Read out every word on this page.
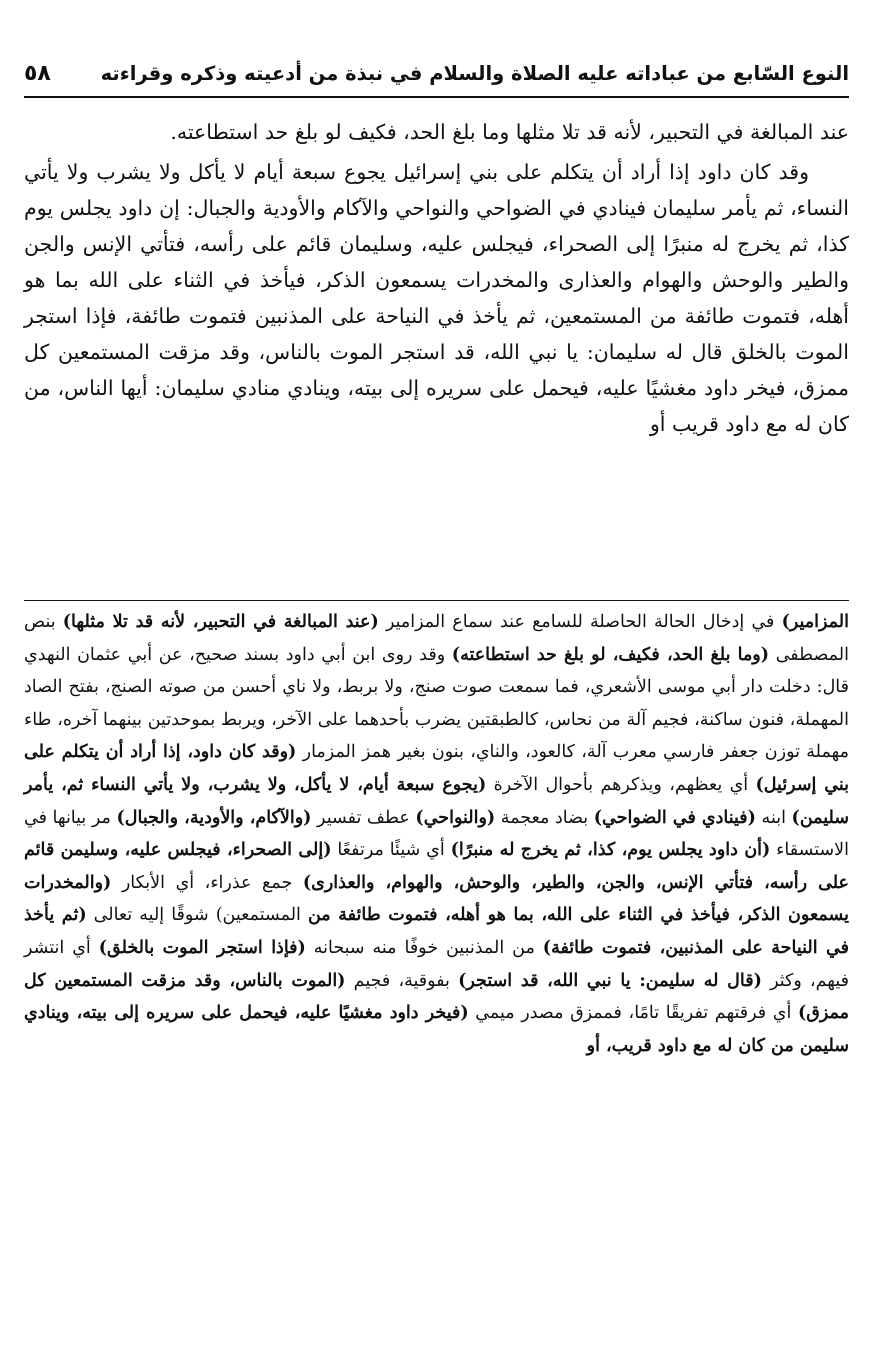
النوع السّابع من عباداته عليه الصلاة والسلام في نبذة من أدعيته وذكره وقراءته
٥٨

عند المبالغة في التحبير، لأنه قد تلا مثلها وما بلغ الحد، فكيف لو بلغ حد استطاعته.

وقد كان داود إذا أراد أن يتكلم على بني إسرائيل يجوع سبعة أيام لا يأكل ولا يشرب ولا يأتي النساء، ثم يأمر سليمان فينادي في الضواحي والنواحي والآكام والأودية والجبال: إن داود يجلس يوم كذا، ثم يخرج له منبرًا إلى الصحراء، فيجلس عليه، وسليمان قائم على رأسه، فتأتي الإنس والجن والطير والوحش والهوام والعذارى والمخدرات يسمعون الذكر، فيأخذ في الثناء على الله بما هو أهله، فتموت طائفة من المستمعين، ثم يأخذ في النياحة على المذنبين فتموت طائفة، فإذا استجر الموت بالخلق قال له سليمان: يا نبي الله، قد استجر الموت بالناس، وقد مزقت المستمعين كل ممزق، فيخر داود مغشيًا عليه، فيحمل على سريره إلى بيته، وينادي منادي سليمان: أيها الناس، من كان له مع داود قريب أو

المزامير) في إدخال الحالة الحاصلة للسامع عند سماع المزامير (عند المبالغة في التحبير، لأنه قد تلا مثلها) بنص المصطفى (وما بلغ الحد، فكيف، لو بلغ حد استطاعته) وقد روى ابن أبي داود بسند صحيح، عن أبي عثمان النهدي قال: دخلت دار أبي موسى الأشعري، فما سمعت صوت صنج، ولا بربط، ولا ناي أحسن من صوته الصنج، بفتح الصاد المهملة، فنون ساكنة، فجيم آلة من نحاس، كالطبقتين يضرب بأحدهما على الآخر، ويربط بموحدتين بينهما آخره، طاء مهملة توزن جعفر فارسي معرب آلة، كالعود، والناي، بنون بغير همز المزمار (وقد كان داود، إذا أراد أن يتكلم على بني إسرئيل) أي يعظهم، ويذكرهم بأحوال الآخرة (يجوع سبعة أيام، لا يأكل، ولا يشرب، ولا يأتي النساء ثم، يأمر سليمن) ابنه (فينادي في الضواحي) بضاد معجمة (والنواحي) عطف تفسير (والآكام، والأودية، والجبال) مر بيانها في الاستسقاء (أن داود يجلس يوم، كذا، ثم يخرج له منبرًا) أي شيئًا مرتفعًا (إلى الصحراء، فيجلس عليه، وسليمن قائم على رأسه، فتأتي الإنس، والجن، والطير، والوحش، والهوام، والعذارى) جمع عذراء، أي الأبكار (والمخدرات يسمعون الذكر، فيأخذ في الثناء على الله، بما هو أهله، فتموت طائفة من المستمعين) شوقًا إليه تعالى (ثم يأخذ في النياحة على المذنبين، فتموت طائفة) من المذنبين خوفًا منه سبحانه (فإذا استجر الموت بالخلق) أي انتشر فيهم، وكثر (قال له سليمن: يا نبي الله، قد استجر) بفوقية، فجيم (الموت بالناس، وقد مزقت المستمعين كل ممزق) أي فرقتهم تفريقًا تامًا، فممزق مصدر ميمي (فيخر داود مغشيًا عليه، فيحمل على سريره إلى بيته، وينادي سليمن من كان له مع داود قريب، أو
